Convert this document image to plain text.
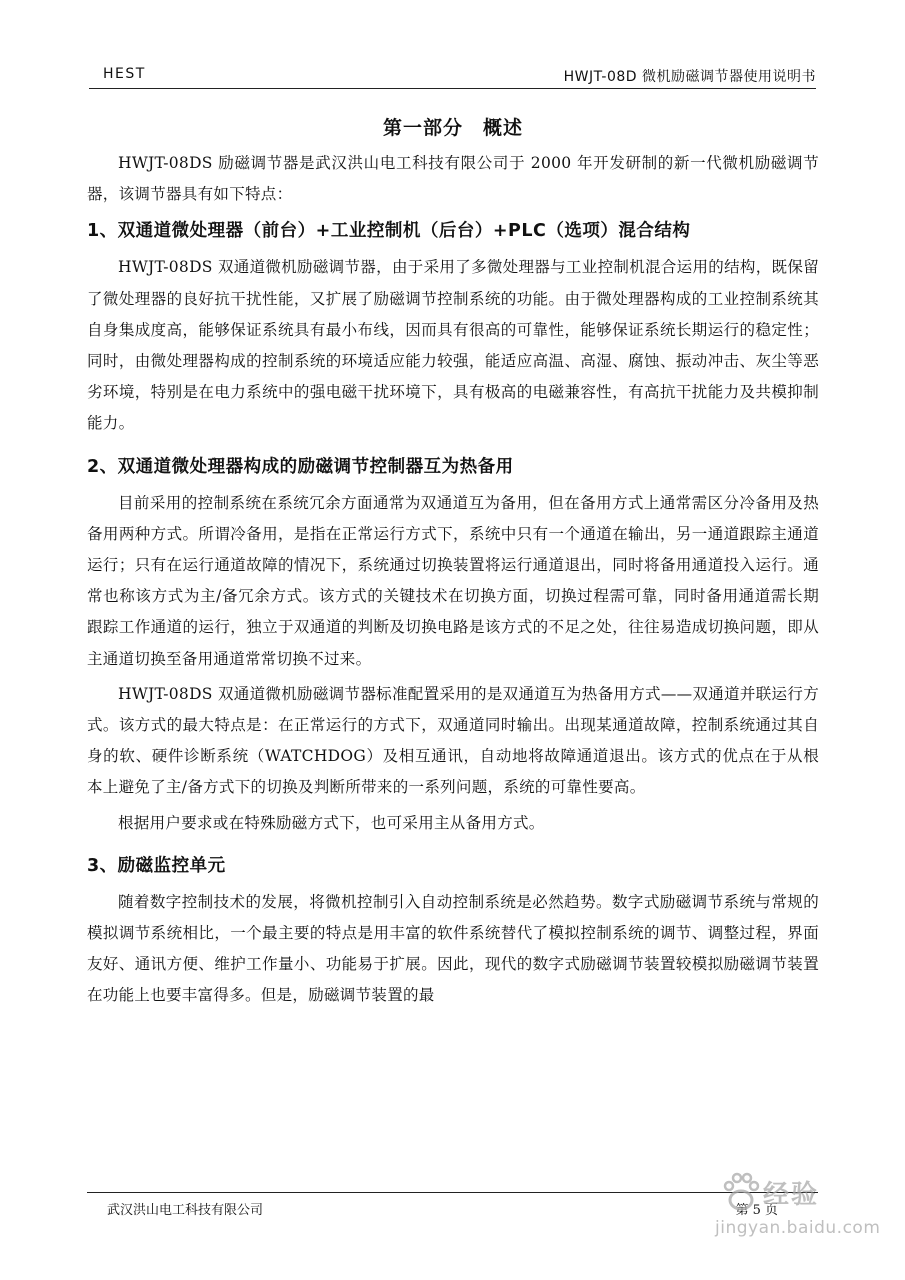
HEST	HWJT-08D 微机励磁调节器使用说明书
第一部分　概述

HWJT-08DS 励磁调节器是武汉洪山电工科技有限公司于 2000 年开发研制的新一代微机励磁调节器，该调节器具有如下特点：

1、双通道微处理器（前台）+工业控制机（后台）+PLC（选项）混合结构

HWJT-08DS 双通道微机励磁调节器，由于采用了多微处理器与工业控制机混合运用的结构，既保留了微处理器的良好抗干扰性能，又扩展了励磁调节控制系统的功能。由于微处理器构成的工业控制系统其自身集成度高，能够保证系统具有最小布线，因而具有很高的可靠性，能够保证系统长期运行的稳定性；同时，由微处理器构成的控制系统的环境适应能力较强，能适应高温、高湿、腐蚀、振动冲击、灰尘等恶劣环境，特别是在电力系统中的强电磁干扰环境下，具有极高的电磁兼容性，有高抗干扰能力及共模抑制能力。

2、双通道微处理器构成的励磁调节控制器互为热备用

目前采用的控制系统在系统冗余方面通常为双通道互为备用，但在备用方式上通常需区分冷备用及热备用两种方式。所谓冷备用，是指在正常运行方式下，系统中只有一个通道在输出，另一通道跟踪主通道运行；只有在运行通道故障的情况下，系统通过切换装置将运行通道退出，同时将备用通道投入运行。通常也称该方式为主/备冗余方式。该方式的关键技术在切换方面，切换过程需可靠，同时备用通道需长期跟踪工作通道的运行，独立于双通道的判断及切换电路是该方式的不足之处，往往易造成切换问题，即从主通道切换至备用通道常常切换不过来。

HWJT-08DS 双通道微机励磁调节器标准配置采用的是双通道互为热备用方式——双通道并联运行方式。该方式的最大特点是：在正常运行的方式下，双通道同时输出。出现某通道故障，控制系统通过其自身的软、硬件诊断系统（WATCHDOG）及相互通讯，自动地将故障通道退出。该方式的优点在于从根本上避免了主/备方式下的切换及判断所带来的一系列问题，系统的可靠性要高。

根据用户要求或在特殊励磁方式下，也可采用主从备用方式。

3、励磁监控单元

随着数字控制技术的发展，将微机控制引入自动控制系统是必然趋势。数字式励磁调节系统与常规的模拟调节系统相比，一个最主要的特点是用丰富的软件系统替代了模拟控制系统的调节、调整过程，界面友好、通讯方便、维护工作量小、功能易于扩展。因此，现代的数字式励磁调节装置较模拟励磁调节装置在功能上也要丰富得多。但是，励磁调节装置的最

武汉洪山电工科技有限公司	第 5 页
经验
jingyan.baidu.com
